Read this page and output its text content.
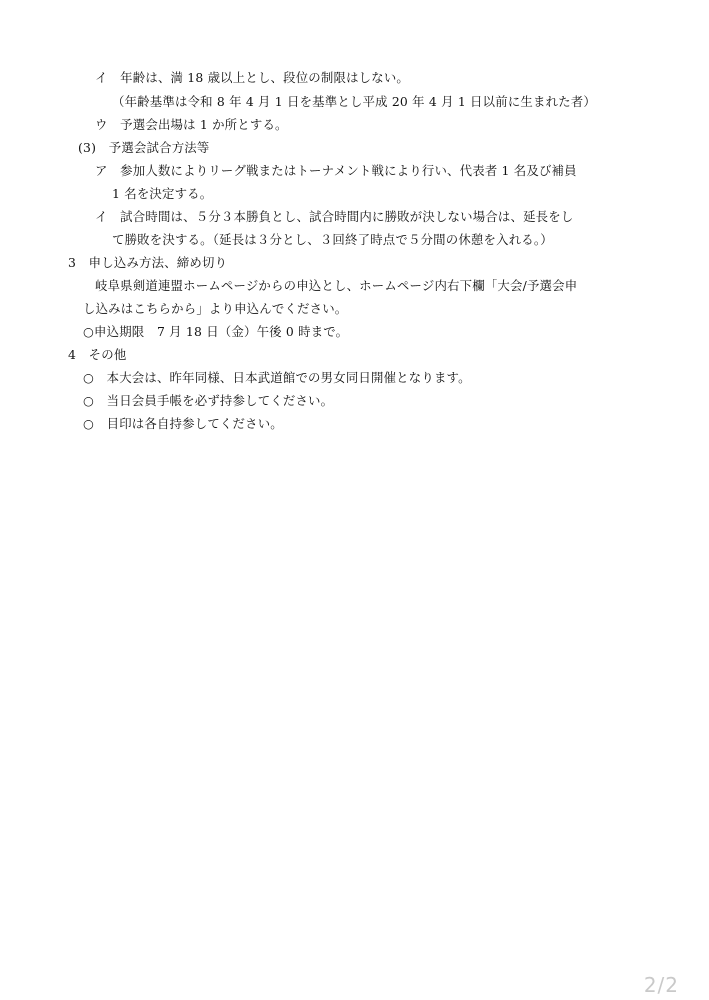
イ　年齢は、満 18 歳以上とし、段位の制限はしない。
（年齢基準は令和 8 年 4 月 1 日を基準とし平成 20 年 4 月 1 日以前に生まれた者）
ウ　予選会出場は 1 か所とする。
(3)　予選会試合方法等
ア　参加人数によりリーグ戦またはトーナメント戦により行い、代表者 1 名及び補員
1 名を決定する。
イ　試合時間は、５分３本勝負とし、試合時間内に勝敗が決しない場合は、延長をし
て勝敗を決する。（延長は３分とし、３回終了時点で５分間の休憩を入れる。）
3　申し込み方法、締め切り
岐阜県剣道連盟ホームページからの申込とし、ホームページ内右下欄「大会/予選会申
し込みはこちらから」より申込んでください。
○申込期限　7 月 18 日（金）午後 0 時まで。
4　その他
○　本大会は、昨年同様、日本武道館での男女同日開催となります。
○　当日会員手帳を必ず持参してください。
○　目印は各自持参してください。
2/2
